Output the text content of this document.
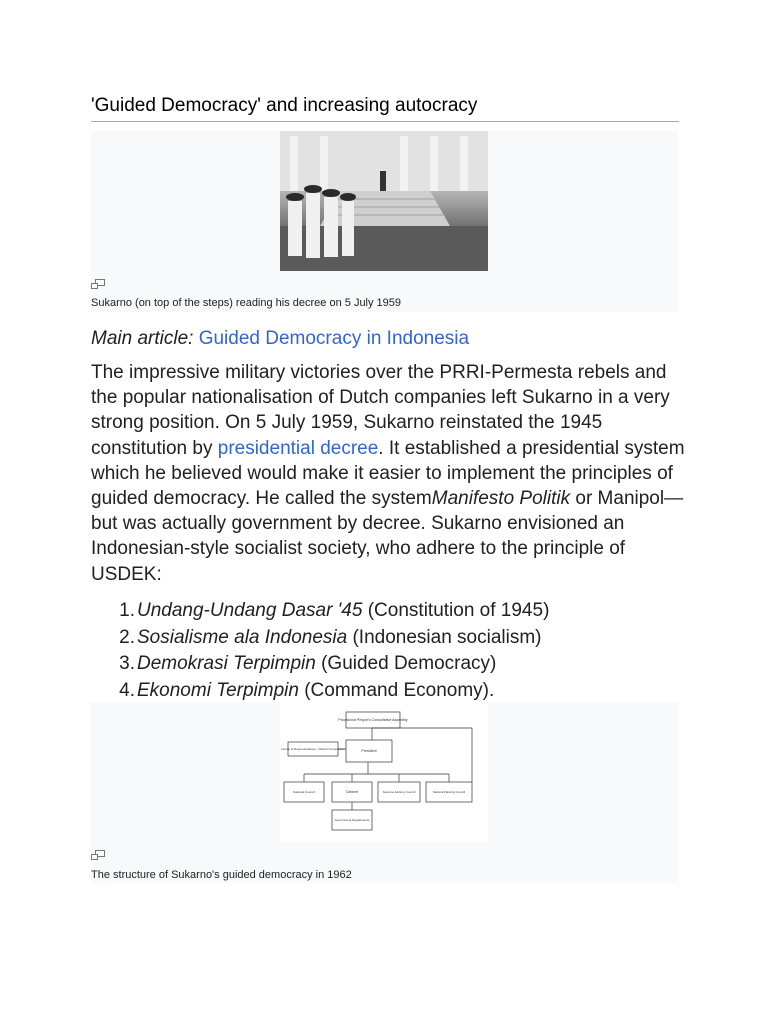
'Guided Democracy' and increasing autocracy
Sukarno (on top of the steps) reading his decree on 5 July 1959
Main article: Guided Democracy in Indonesia

The impressive military victories over the PRRI-Permesta rebels and the popular nationalisation of Dutch companies left Sukarno in a very strong position. On 5 July 1959, Sukarno reinstated the 1945 constitution by presidential decree. It established a presidential system which he believed would make it easier to implement the principles of guided democracy. He called the systemManifesto Politik or Manipol—but was actually government by decree. Sukarno envisioned an Indonesian-style socialist society, who adhere to the principle of USDEK:

1. Undang-Undang Dasar '45 (Constitution of 1945)
2. Sosialisme ala Indonesia (Indonesian socialism)
3. Demokrasi Terpimpin (Guided Democracy)
4. Ekonomi Terpimpin (Command Economy).
Provisional People's Consultative Assembly
House of Representatives - Mutual Cooperation	President
National Council	Cabinet	Supreme Advisory Council	National Planning Council
Government Departments
The structure of Sukarno's guided democracy in 1962
